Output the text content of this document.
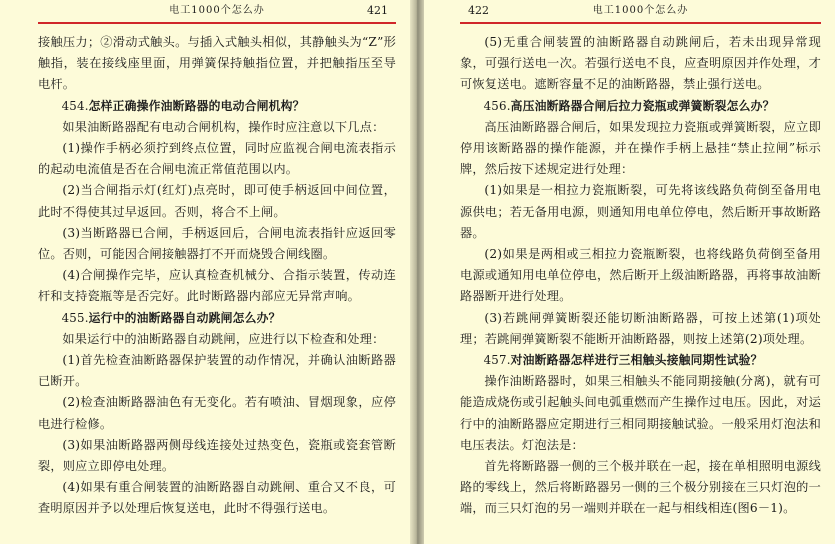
电工1000个怎么办	421

接触压力；②滑动式触头。与插入式触头相似，其静触头为“Z”形触指，装在接线座里面，用弹簧保持触指位置，并把触指压至导电杆。

454.怎样正确操作油断路器的电动合闸机构？

如果油断路器配有电动合闸机构，操作时应注意以下几点：

(1)操作手柄必须拧到终点位置，同时应监视合闸电流表指示的起动电流值是否在合闸电流正常值范围以内。

(2)当合闸指示灯(红灯)点亮时，即可使手柄返回中间位置，此时不得使其过早返回。否则，将合不上闸。

(3)当断路器已合闸，手柄返回后，合闸电流表指针应返回零位。否则，可能因合闸接触器打不开而烧毁合闸线圈。

(4)合闸操作完毕，应认真检查机械分、合指示装置，传动连杆和支持瓷瓶等是否完好。此时断路器内部应无异常声响。

455.运行中的油断路器自动跳闸怎么办？

如果运行中的油断路器自动跳闸，应进行以下检查和处理：

(1)首先检查油断路器保护装置的动作情况，并确认油断路器已断开。

(2)检查油断路器油色有无变化。若有喷油、冒烟现象，应停电进行检修。

(3)如果油断路器两侧母线连接处过热变色，瓷瓶或瓷套管断裂，则应立即停电处理。

(4)如果有重合闸装置的油断路器自动跳闸、重合又不良，可查明原因并予以处理后恢复送电，此时不得强行送电。

422	电工1000个怎么办

(5)无重合闸装置的油断路器自动跳闸后，若未出现异常现象，可强行送电一次。若强行送电不良，应查明原因并作处理，才可恢复送电。遮断容量不足的油断路器，禁止强行送电。

456.高压油断路器合闸后拉力瓷瓶或弹簧断裂怎么办？

高压油断路器合闸后，如果发现拉力瓷瓶或弹簧断裂，应立即停用该断路器的操作能源，并在操作手柄上悬挂“禁止拉闸”标示牌，然后按下述规定进行处理：

(1)如果是一相拉力瓷瓶断裂，可先将该线路负荷倒至备用电源供电；若无备用电源，则通知用电单位停电，然后断开事故断路器。

(2)如果是两相或三相拉力瓷瓶断裂，也将线路负荷倒至备用电源或通知用电单位停电，然后断开上级油断路器，再将事故油断路器断开进行处理。

(3)若跳闸弹簧断裂还能切断油断路器，可按上述第(1)项处理；若跳闸弹簧断裂不能断开油断路器，则按上述第(2)项处理。

457.对油断路器怎样进行三相触头接触同期性试验？

操作油断路器时，如果三相触头不能同期接触(分离)，就有可能造成烧伤或引起触头间电弧重燃而产生操作过电压。因此，对运行中的油断路器应定期进行三相同期接触试验。一般采用灯泡法和电压表法。灯泡法是：

首先将断路器一侧的三个极并联在一起，接在单相照明电源线路的零线上，然后将断路器另一侧的三个极分别接在三只灯泡的一端，而三只灯泡的另一端则并联在一起与相线相连(图6－1)。
